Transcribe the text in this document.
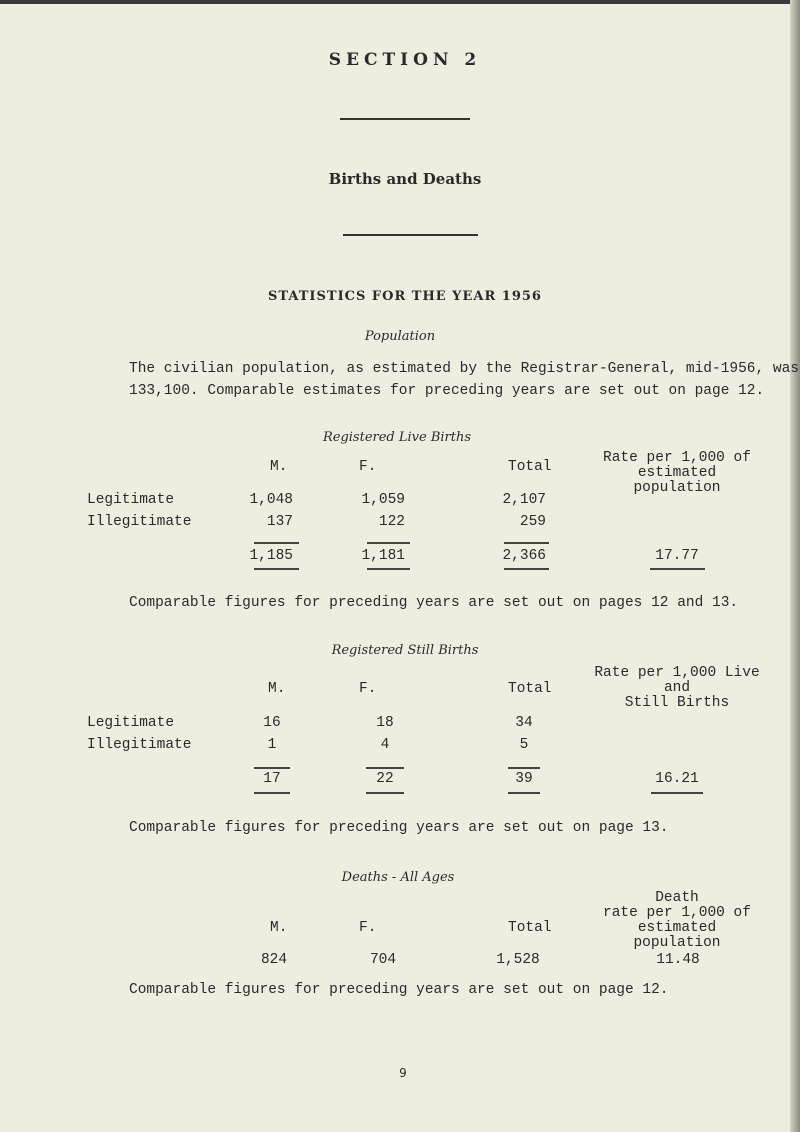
SECTION 2
Births and Deaths
STATISTICS FOR THE YEAR 1956
Population
The civilian population, as estimated by the Registrar-General, mid-1956, was
133,100. Comparable estimates for preceding years are set out on page 12.
Registered Live Births
Rate per 1,000 of
estimated
population
M.	F.	Total
Legitimate	1,048	1,059	2,107
Illegitimate	137	122	259
1,185	1,181	2,366	17.77
Comparable figures for preceding years are set out on pages 12 and 13.
Registered Still Births
Rate per 1,000 Live
and
Still Births
M.	F.	Total
Legitimate	16	18	34
Illegitimate	1	4	5
17	22	39	16.21
Comparable figures for preceding years are set out on page 13.
Deaths - All Ages
Death
rate per 1,000 of
estimated
population
M.	F.	Total
824	704	1,528	11.48
Comparable figures for preceding years are set out on page 12.
9
